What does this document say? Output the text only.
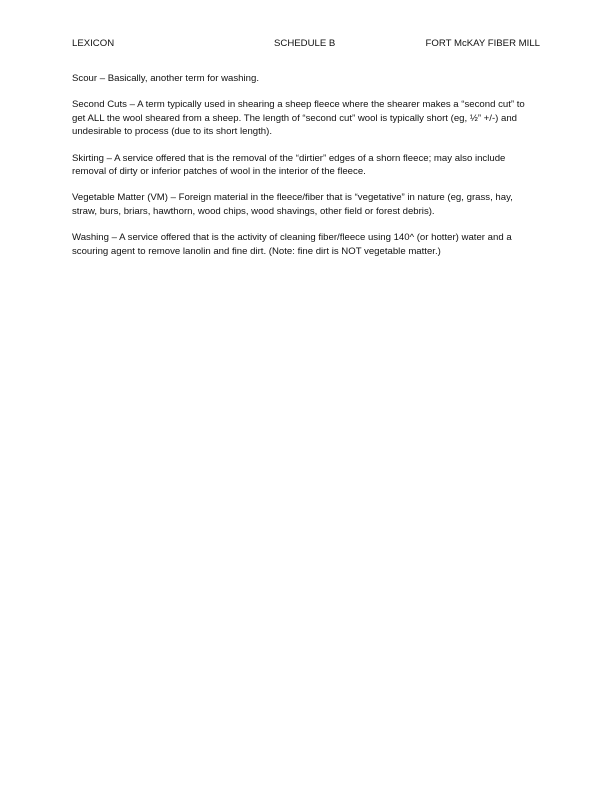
LEXICON	SCHEDULE B	FORT McKAY FIBER MILL

Scour – Basically, another term for washing.

Second Cuts – A term typically used in shearing a sheep fleece where the shearer makes a “second cut” to get ALL the wool sheared from a sheep. The length of “second cut” wool is typically short (eg, ½” +/-) and undesirable to process (due to its short length).

Skirting – A service offered that is the removal of the “dirtier” edges of a shorn fleece; may also include removal of dirty or inferior patches of wool in the interior of the fleece.

Vegetable Matter (VM) – Foreign material in the fleece/fiber that is “vegetative” in nature (eg, grass, hay, straw, burs, briars, hawthorn, wood chips, wood shavings, other field or forest debris).

Washing – A service offered that is the activity of cleaning fiber/fleece using 140^ (or hotter) water and a scouring agent to remove lanolin and fine dirt. (Note: fine dirt is NOT vegetable matter.)
